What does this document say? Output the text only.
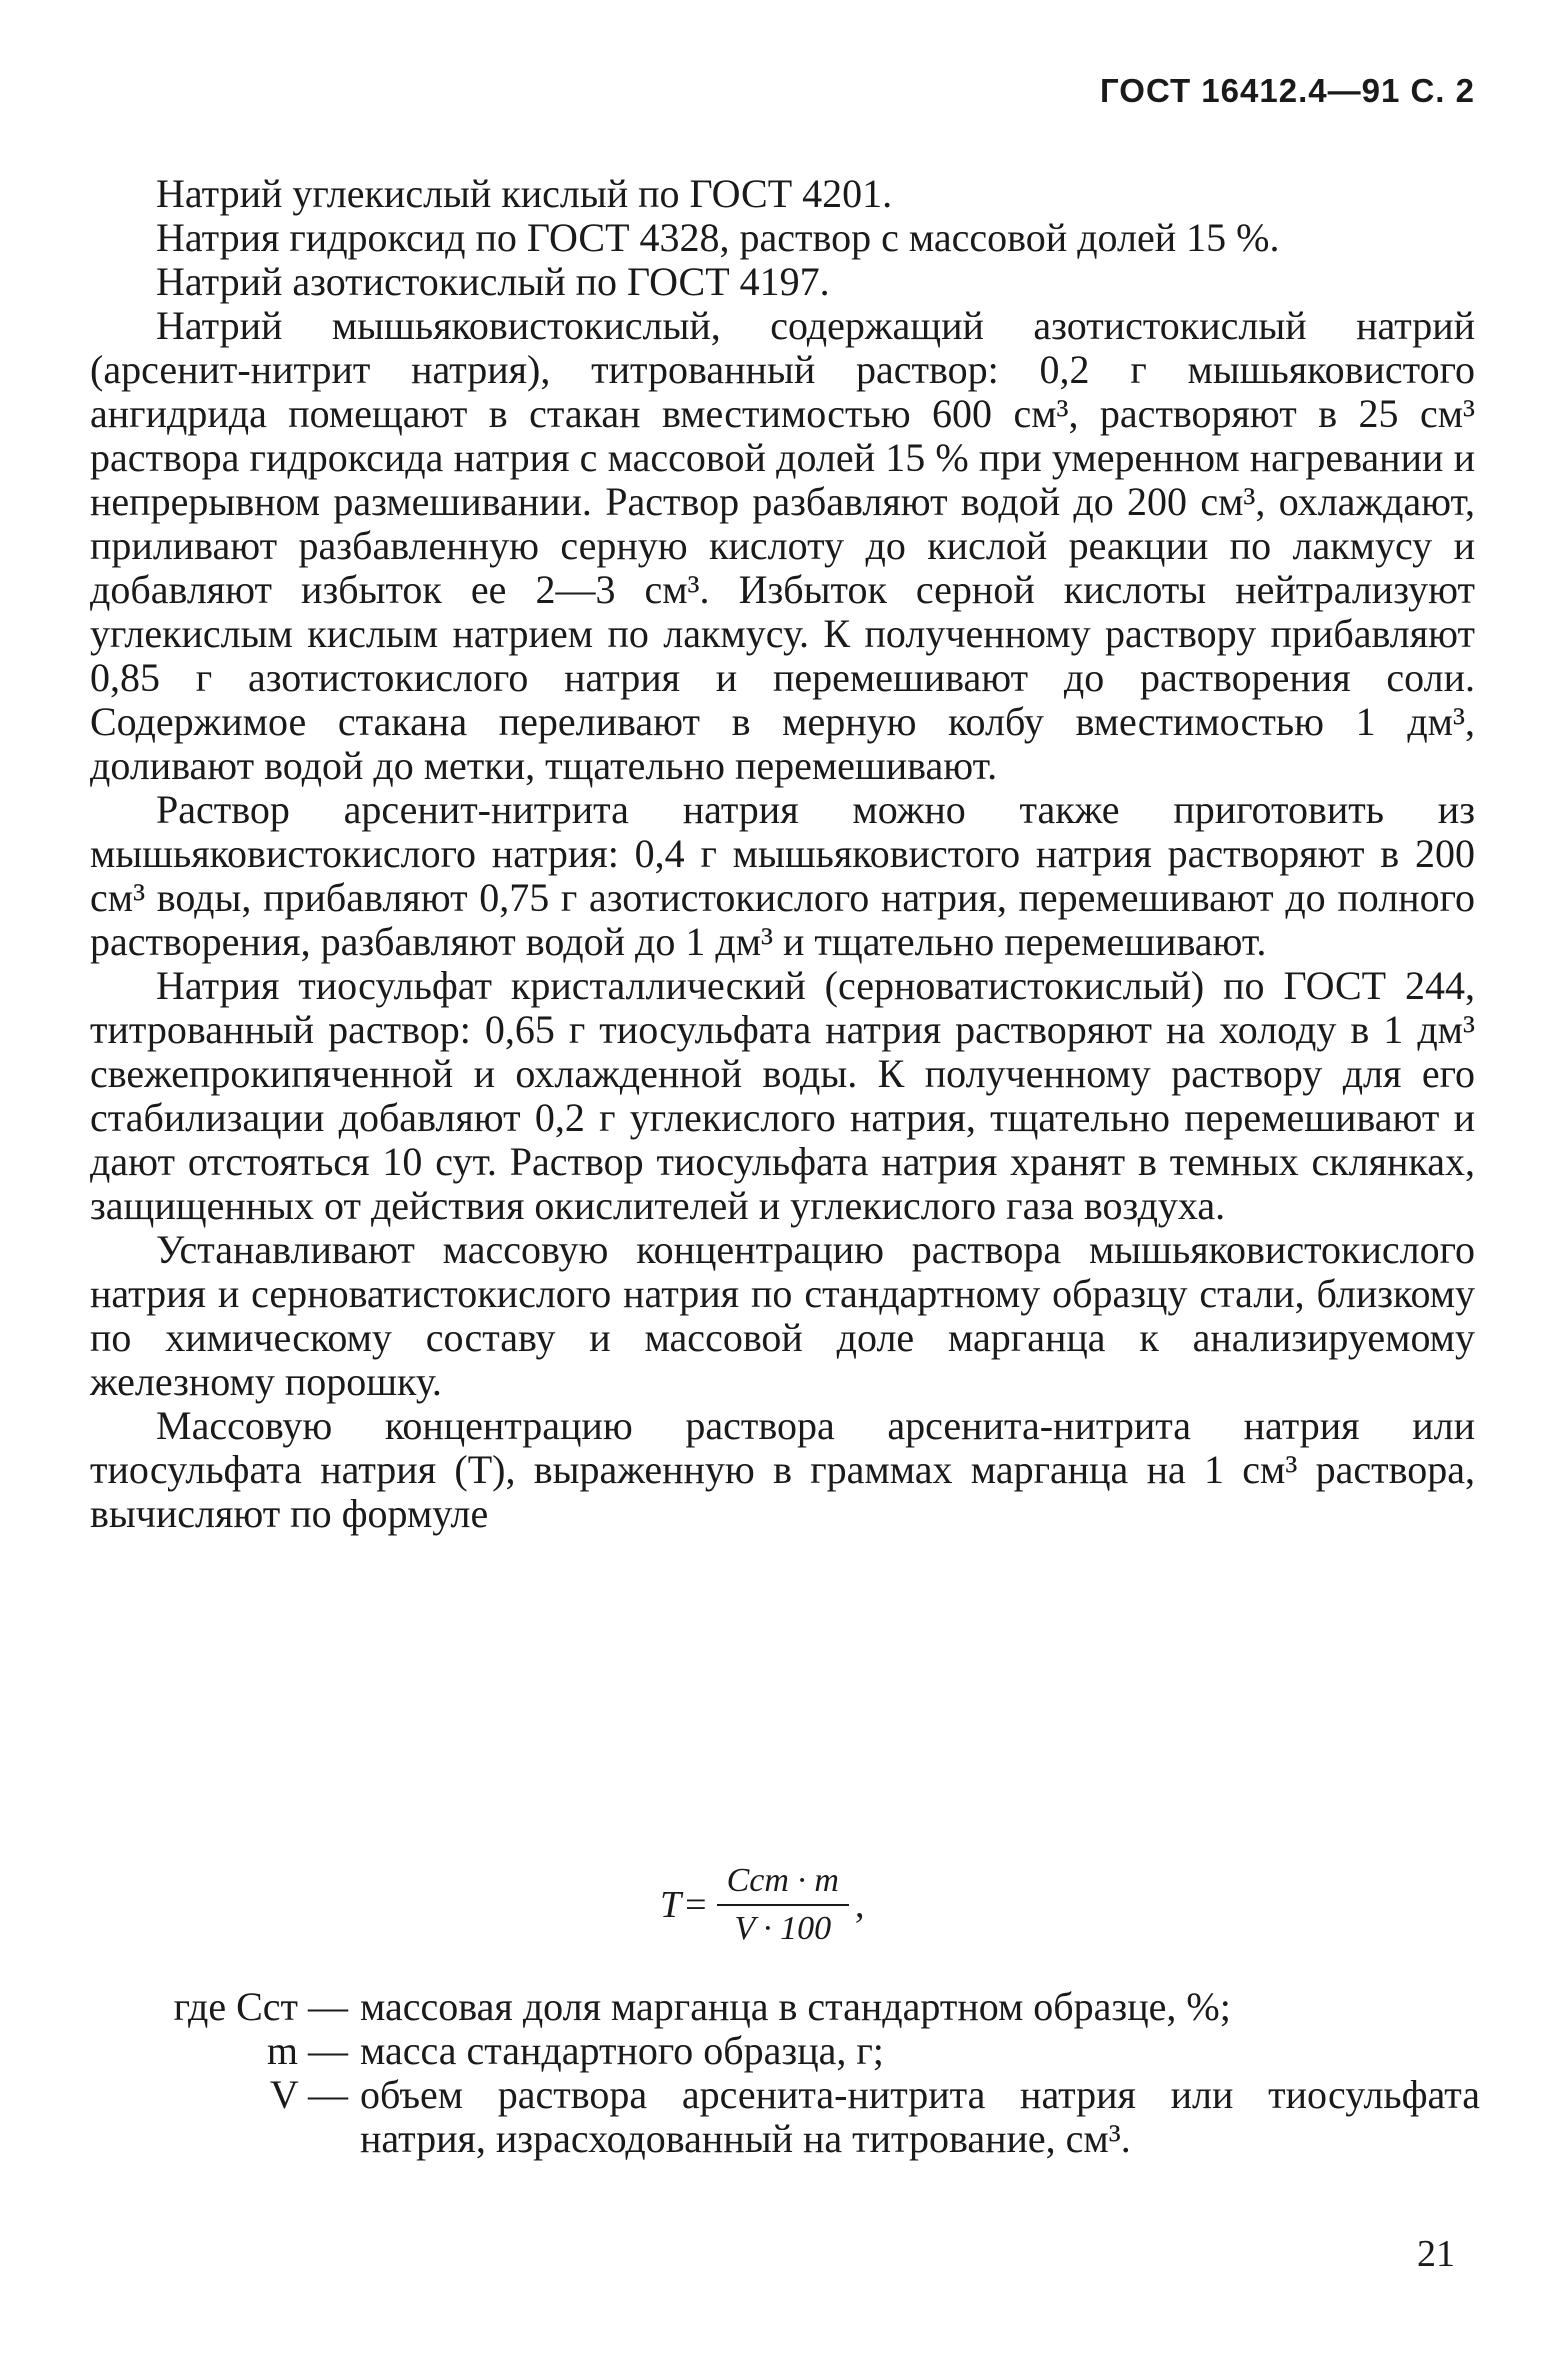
ГОСТ 16412.4—91 С. 2

Натрий углекислый кислый по ГОСТ 4201.

Натрия гидроксид по ГОСТ 4328, раствор с массовой долей 15 %.

Натрий азотистокислый по ГОСТ 4197.

Натрий мышьяковистокислый, содержащий азотистокислый натрий (арсенит-нитрит натрия), титрованный раствор: 0,2 г мышьяковистого ангидрида помещают в стакан вместимостью 600 см³, растворяют в 25 см³ раствора гидроксида натрия с массовой долей 15 % при умеренном нагревании и непрерывном размешивании. Раствор разбавляют водой до 200 см³, охлаждают, приливают разбавленную серную кислоту до кислой реакции по лакмусу и добавляют избыток ее 2—3 см³. Избыток серной кислоты нейтрализуют углекислым кислым натрием по лакмусу. К полученному раствору прибавляют 0,85 г азотистокислого натрия и перемешивают до растворения соли. Содержимое стакана переливают в мерную колбу вместимостью 1 дм³, доливают водой до метки, тщательно перемешивают.

Раствор арсенит-нитрита натрия можно также приготовить из мышьяковистокислого натрия: 0,4 г мышьяковистого натрия растворяют в 200 см³ воды, прибавляют 0,75 г азотистокислого натрия, перемешивают до полного растворения, разбавляют водой до 1 дм³ и тщательно перемешивают.

Натрия тиосульфат кристаллический (серноватистокислый) по ГОСТ 244, титрованный раствор: 0,65 г тиосульфата натрия растворяют на холоду в 1 дм³ свежепрокипяченной и охлажденной воды. К полученному раствору для его стабилизации добавляют 0,2 г углекислого натрия, тщательно перемешивают и дают отстояться 10 сут. Раствор тиосульфата натрия хранят в темных склянках, защищенных от действия окислителей и углекислого газа воздуха.

Устанавливают массовую концентрацию раствора мышьяковистокислого натрия и серноватистокислого натрия по стандартному образцу стали, близкому по химическому составу и массовой доле марганца к анализируемому железному порошку.

Массовую концентрацию раствора арсенита-нитрита натрия или тиосульфата натрия (T), выраженную в граммах марганца на 1 см³ раствора, вычисляют по формуле

$T = \frac{\text{Cст · m}}{V \cdot 100}$ ,
где Cст — массовая доля марганца в стандартном образце, %;
m — масса стандартного образца, г;
V — объем раствора арсенита-нитрита натрия или тиосульфата натрия, израсходованный на титрование, см³.
21
